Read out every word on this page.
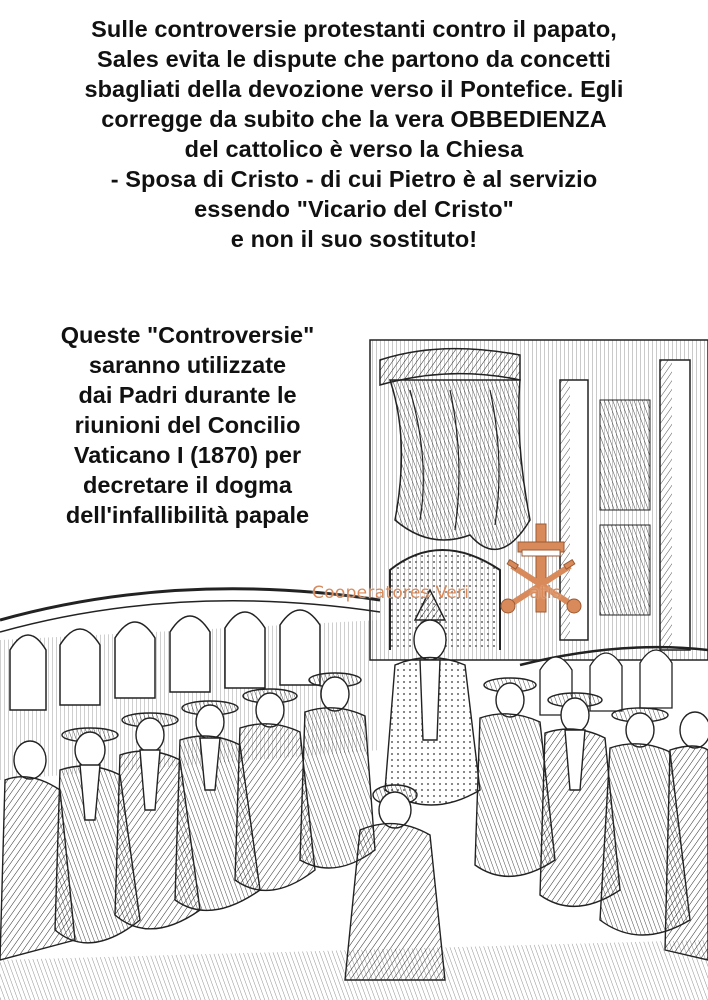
Sulle controversie protestanti contro il papato,
Sales evita le dispute che partono da concetti
sbagliati della devozione verso il Pontefice. Egli
corregge da subito che la vera OBBEDIENZA
del cattolico è verso la Chiesa
- Sposa di Cristo - di cui Pietro è al servizio
essendo "Vicario del Cristo"
e non il suo sostituto!
Queste "Controversie"
saranno utilizzate
dai Padri durante le
riunioni del Concilio
Vaticano I (1870) per
decretare il dogma
dell'infallibilità papale
Cooperatores Veri	atis
